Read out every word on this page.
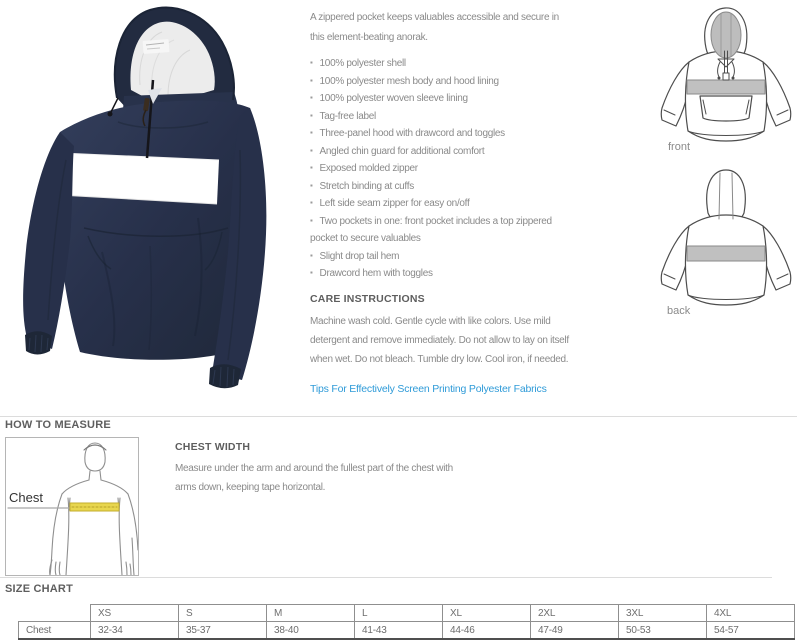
A zippered pocket keeps valuables accessible and secure in this element-beating anorak.

▪ 100% polyester shell
▪ 100% polyester mesh body and hood lining
▪ 100% polyester woven sleeve lining
▪ Tag-free label
▪ Three-panel hood with drawcord and toggles
▪ Angled chin guard for additional comfort
▪ Exposed molded zipper
▪ Stretch binding at cuffs
▪ Left side seam zipper for easy on/off
▪ Two pockets in one: front pocket includes a top zippered pocket to secure valuables
▪ Slight drop tail hem
▪ Drawcord hem with toggles
CARE INSTRUCTIONS

Machine wash cold. Gentle cycle with like colors. Use mild detergent and remove immediately. Do not allow to lay on itself when wet. Do not bleach. Tumble dry low. Cool iron, if needed.

Tips For Effectively Screen Printing Polyester Fabrics
front
back
HOW TO MEASURE
Chest
CHEST WIDTH

Measure under the arm and around the fullest part of the chest with arms down, keeping tape horizontal.

SIZE CHART
	XS	S	M	L	XL	2XL	3XL	4XL
Chest	32-34	35-37	38-40	41-43	44-46	47-49	50-53	54-57
